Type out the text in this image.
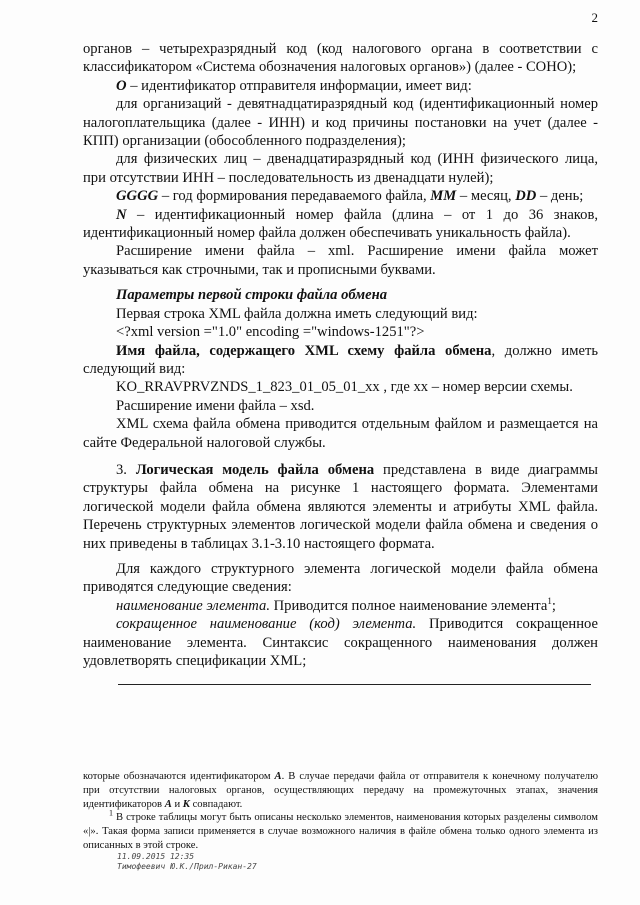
2

органов – четырехразрядный код (код налогового органа в соответствии с классификатором «Система обозначения налоговых органов») (далее - СОНО);

O – идентификатор отправителя информации, имеет вид:

для организаций - девятнадцатиразрядный код (идентификационный номер налогоплательщика (далее - ИНН) и код причины постановки на учет (далее - КПП) организации (обособленного подразделения);

для физических лиц – двенадцатиразрядный код (ИНН физического лица, при отсутствии ИНН – последовательность из двенадцати нулей);

GGGG – год формирования передаваемого файла, MM – месяц, DD – день;

N – идентификационный номер файла (длина – от 1 до 36 знаков, идентификационный номер файла должен обеспечивать уникальность файла).

Расширение имени файла – xml. Расширение имени файла может указываться как строчными, так и прописными буквами.

Параметры первой строки файла обмена

Первая строка XML файла должна иметь следующий вид:

<?xml version ="1.0" encoding ="windows-1251"?>

Имя файла, содержащего XML схему файла обмена, должно иметь следующий вид:

KO_RRAVPRVZNDS_1_823_01_05_01_xx , где хх – номер версии схемы.

Расширение имени файла – xsd.

XML схема файла обмена приводится отдельным файлом и размещается на сайте Федеральной налоговой службы.

3. Логическая модель файла обмена представлена в виде диаграммы структуры файла обмена на рисунке 1 настоящего формата. Элементами логической модели файла обмена являются элементы и атрибуты XML файла. Перечень структурных элементов логической модели файла обмена и сведения о них приведены в таблицах 3.1-3.10 настоящего формата.

Для каждого структурного элемента логической модели файла обмена приводятся следующие сведения:

наименование элемента. Приводится полное наименование элемента$^1$;

сокращенное наименование (код) элемента. Приводится сокращенное наименование элемента. Синтаксис сокращенного наименования должен удовлетворять спецификации XML;

которые обозначаются идентификатором А. В случае передачи файла от отправителя к конечному получателю при отсутствии налоговых органов, осуществляющих передачу на промежуточных этапах, значения идентификаторов А и К совпадают.

$^1$ В строке таблицы могут быть описаны несколько элементов, наименования которых разделены символом «|». Такая форма записи применяется в случае возможного наличия в файле обмена только одного элемента из описанных в этой строке.

11.09.2015 12:35
Тимофеевич Ю.К./Прил-Рикан-27
